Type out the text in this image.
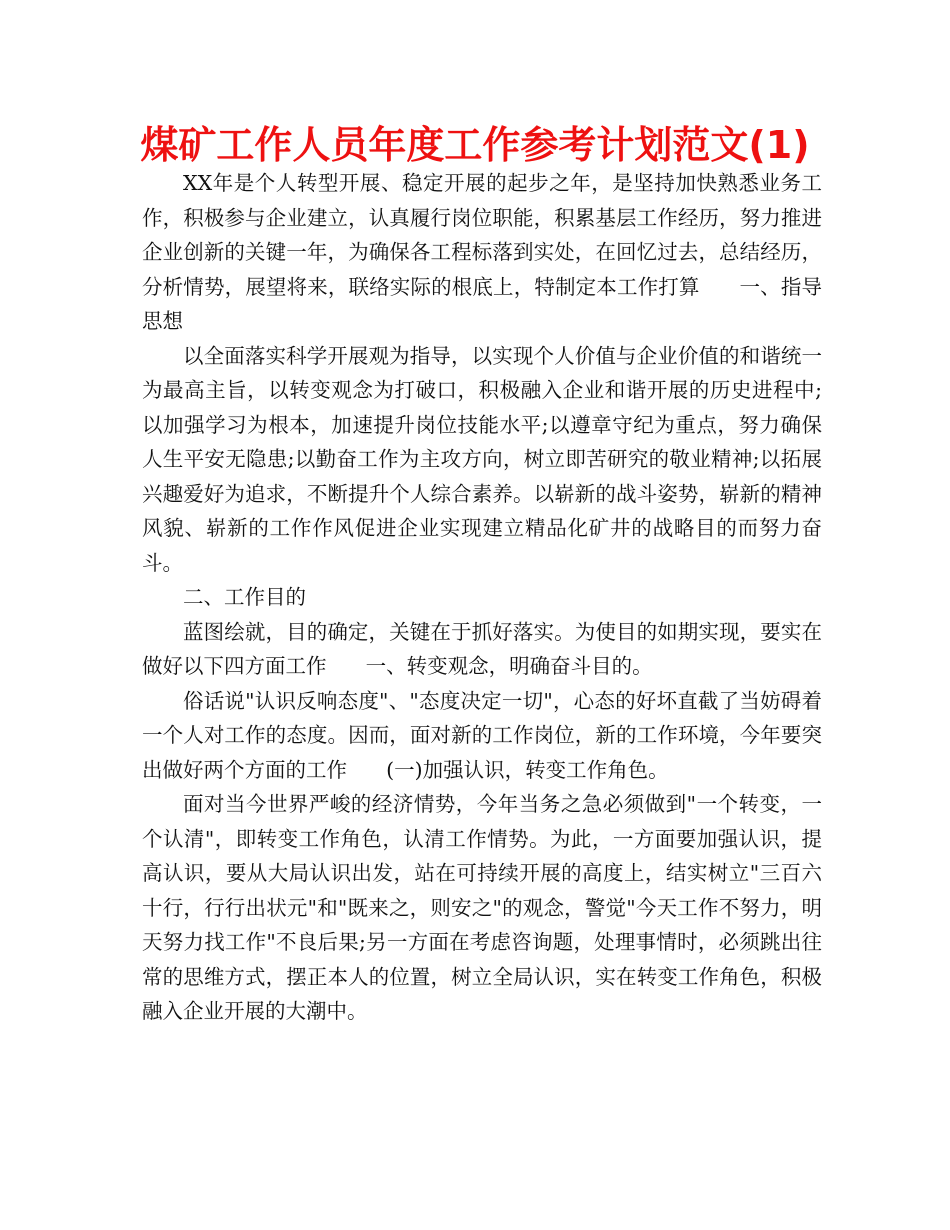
煤矿工作人员年度工作参考计划范文(1)

XX年是个人转型开展、稳定开展的起步之年，是坚持加快熟悉业务工作，积极参与企业建立，认真履行岗位职能，积累基层工作经历，努力推进企业创新的关键一年，为确保各工程标落到实处，在回忆过去，总结经历，分析情势，展望将来，联络实际的根底上，特制定本工作打算      一、指导思想

以全面落实科学开展观为指导，以实现个人价值与企业价值的和谐统一为最高主旨，以转变观念为打破口，积极融入企业和谐开展的历史进程中;以加强学习为根本，加速提升岗位技能水平;以遵章守纪为重点，努力确保人生平安无隐患;以勤奋工作为主攻方向，树立即苦研究的敬业精神;以拓展兴趣爱好为追求，不断提升个人综合素养。以崭新的战斗姿势，崭新的精神风貌、崭新的工作作风促进企业实现建立精品化矿井的战略目的而努力奋斗。

二、工作目的

蓝图绘就，目的确定，关键在于抓好落实。为使目的如期实现，要实在做好以下四方面工作      一、转变观念，明确奋斗目的。

俗话说"认识反响态度"、"态度决定一切"，心态的好坏直截了当妨碍着一个人对工作的态度。因而，面对新的工作岗位，新的工作环境，今年要突出做好两个方面的工作      (一)加强认识，转变工作角色。

面对当今世界严峻的经济情势，今年当务之急必须做到"一个转变，一个认清"，即转变工作角色，认清工作情势。为此，一方面要加强认识，提高认识，要从大局认识出发，站在可持续开展的高度上，结实树立"三百六十行，行行出状元"和"既来之，则安之"的观念，警觉"今天工作不努力，明天努力找工作"不良后果;另一方面在考虑咨询题，处理事情时，必须跳出往常的思维方式，摆正本人的位置，树立全局认识，实在转变工作角色，积极融入企业开展的大潮中。
